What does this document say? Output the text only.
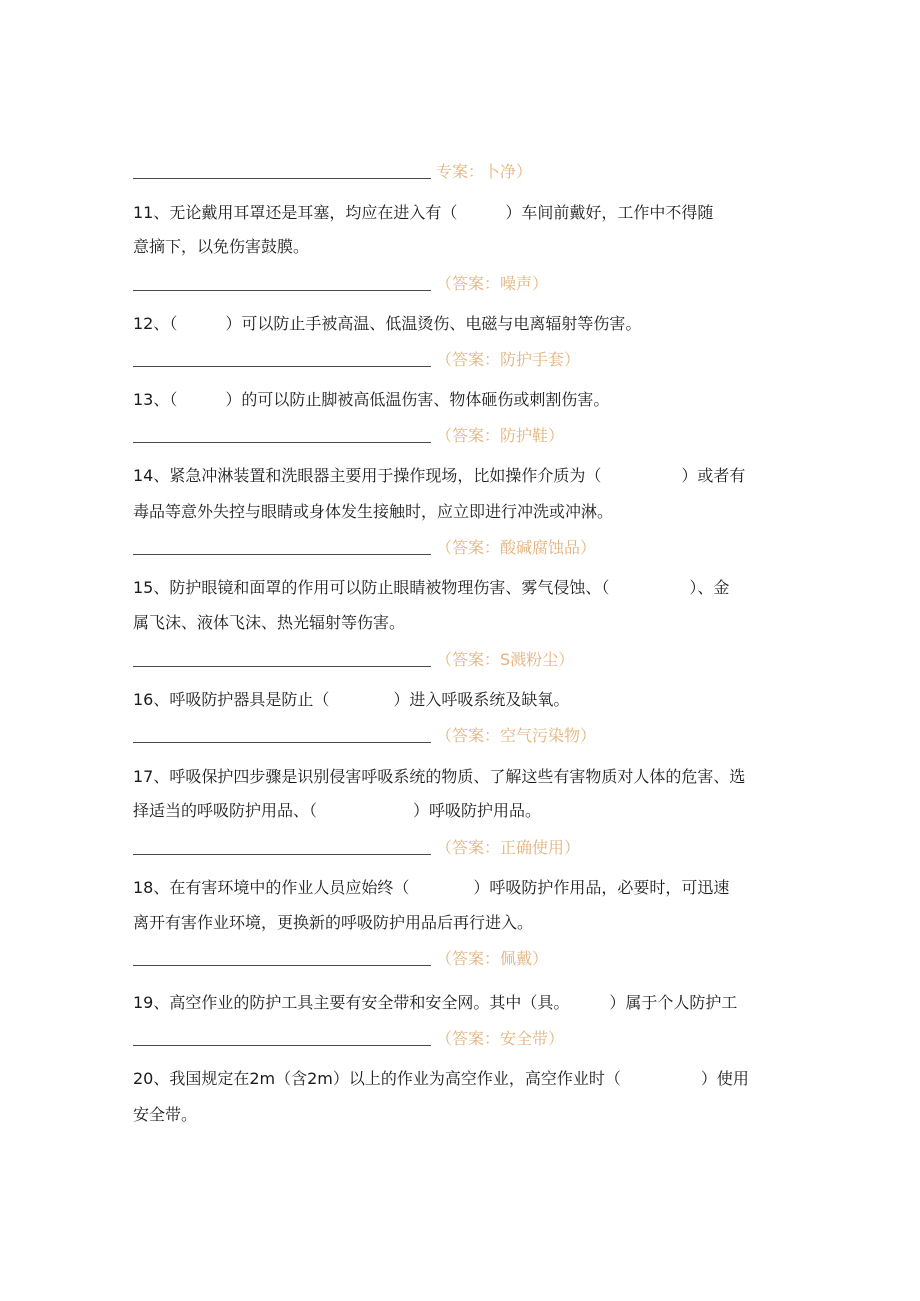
专案：卜净）
11、无论戴用耳罩还是耳塞，均应在进入有（　　　）车间前戴好，工作中不得随
意摘下，以免伤害鼓膜。
（答案：噪声）
12、（　　　）可以防止手被高温、低温烫伤、电磁与电离辐射等伤害。
（答案：防护手套）
13、（　　　）的可以防止脚被高低温伤害、物体砸伤或刺割伤害。
（答案：防护鞋）
14、紧急冲淋装置和洗眼器主要用于操作现场，比如操作介质为（　　　　　）或者有
毒品等意外失控与眼睛或身体发生接触时，应立即进行冲洗或冲淋。
（答案：酸碱腐蚀品）
15、防护眼镜和面罩的作用可以防止眼睛被物理伤害、雾气侵蚀、（　　　　　）、金
属飞沫、液体飞沫、热光辐射等伤害。
（答案：S溅粉尘）
16、呼吸防护器具是防止（　　　　）进入呼吸系统及缺氧。
（答案：空气污染物）
17、呼吸保护四步骤是识别侵害呼吸系统的物质、了解这些有害物质对人体的危害、选
择适当的呼吸防护用品、（　　　　　　）呼吸防护用品。
（答案：正确使用）
18、在有害环境中的作业人员应始终（　　　　）呼吸防护作用品，必要时，可迅速
离开有害作业环境，更换新的呼吸防护用品后再行进入。
（答案：佩戴）
19、高空作业的防护工具主要有安全带和安全网。其中（具。　　　）属于个人防护工
（答案：安全带）
20、我国规定在2m（含2m）以上的作业为高空作业，高空作业时（　　　　　）使用
安全带。
